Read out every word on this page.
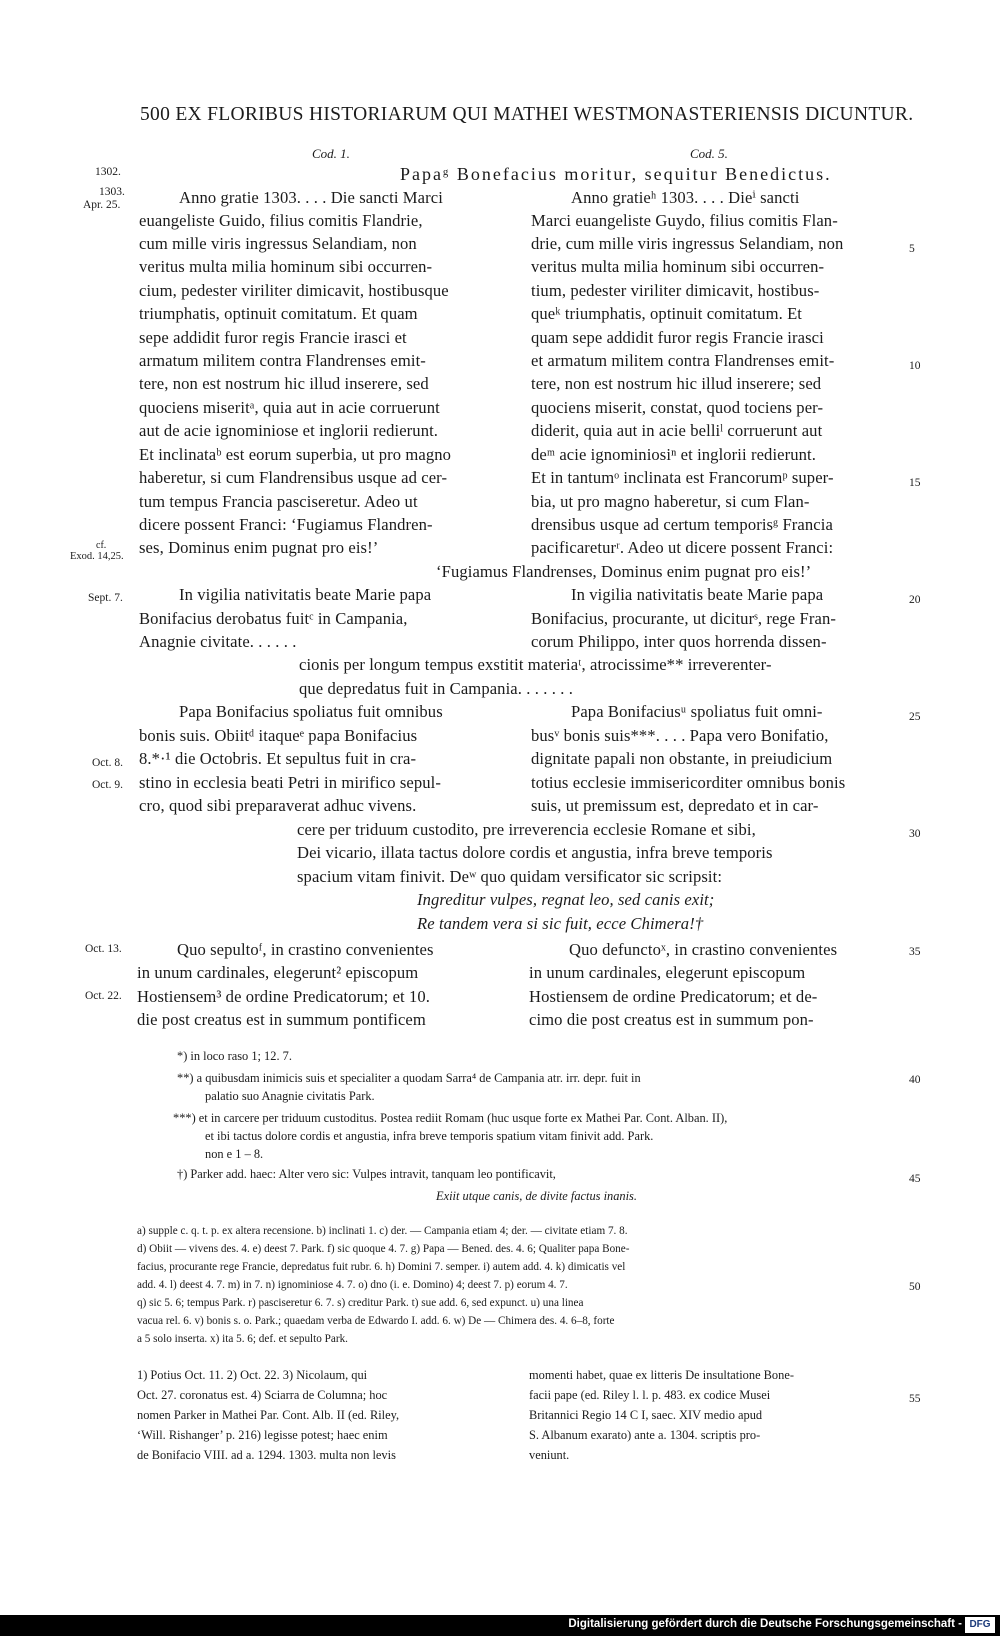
500 EX FLORIBUS HISTORIARUM QUI MATHEI WESTMONASTERIENSIS DICUNTUR.
Cod. 1.	Cod. 5.
Papaᵍ Bonefacius moritur, sequitur Benedictus.
1302.
1303.
Apr. 25.
cf.
Exod. 14,25.
Sept. 7.
Oct. 8.
Oct. 9.
Oct. 13.
Oct. 22.
5
10
15
20
25
30
35
40
45
50
55
Anno gratie 1303. . . . Die sancti Marci
euangeliste Guido, filius comitis Flandrie,
cum mille viris ingressus Selandiam, non
veritus multa milia hominum sibi occurren-
cium, pedester viriliter dimicavit, hostibusque
triumphatis, optinuit comitatum. Et quam
sepe addidit furor regis Francie irasci et
armatum militem contra Flandrenses emit-
tere, non est nostrum hic illud inserere, sed
quociens miseritᵃ, quia aut in acie corruerunt
aut de acie ignominiose et inglorii redierunt.
Et inclinataᵇ est eorum superbia, ut pro magno
haberetur, si cum Flandrensibus usque ad cer-
tum tempus Francia pasciseretur. Adeo ut
dicere possent Franci: ‘Fugiamus Flandren-
ses, Dominus enim pugnat pro eis!’
Anno gratieʰ 1303. . . . Dieⁱ sancti
Marci euangeliste Guydo, filius comitis Flan-
drie, cum mille viris ingressus Selandiam, non
veritus multa milia hominum sibi occurren-
tium, pedester viriliter dimicavit, hostibus-
queᵏ triumphatis, optinuit comitatum. Et
quam sepe addidit furor regis Francie irasci
et armatum militem contra Flandrenses emit-
tere, non est nostrum hic illud inserere; sed
quociens miserit, constat, quod tociens per-
diderit, quia aut in acie belliˡ corruerunt aut
deᵐ acie ignominiosiⁿ et inglorii redierunt.
Et in tantumᵒ inclinata est Francorumᵖ super-
bia, ut pro magno haberetur, si cum Flan-
drensibus usque ad certum temporisᵍ Francia
pacificareturʳ. Adeo ut dicere possent Franci:
‘Fugiamus Flandrenses, Dominus enim pugnat pro eis!’
In vigilia nativitatis beate Marie papa
Bonifacius derobatus fuitᶜ in Campania,
Anagnie civitate. . . . . .
In vigilia nativitatis beate Marie papa
Bonifacius, procurante, ut diciturˢ, rege Fran-
corum Philippo, inter quos horrenda dissen-
cionis per longum tempus exstitit materiaᵗ, atrocissime** irreverenter-
que depredatus fuit in Campania. . . . . . .
Papa Bonifacius spoliatus fuit omnibus
bonis suis. Obiitᵈ itaqueᵉ papa Bonifacius
8.*·¹ die Octobris. Et sepultus fuit in cra-
stino in ecclesia beati Petri in mirifico sepul-
cro, quod sibi preparaverat adhuc vivens.
Papa Bonifaciusᵘ spoliatus fuit omni-
busᵛ bonis suis***. . . . Papa vero Bonifatio,
dignitate papali non obstante, in preiudicium
totius ecclesie immisericorditer omnibus bonis
suis, ut premissum est, depredato et in car-
cere per triduum custodito, pre irreverencia ecclesie Romane et sibi,
Dei vicario, illata tactus dolore cordis et angustia, infra breve temporis
spacium vitam finivit. Deʷ quo quidam versificator sic scripsit:
Ingreditur vulpes, regnat leo, sed canis exit;
Re tandem vera si sic fuit, ecce Chimera!†
Quo sepultoᶠ, in crastino convenientes
in unum cardinales, elegerunt² episcopum
Hostiensem³ de ordine Predicatorum; et 10.
die post creatus est in summum pontificem
Quo defunctoˣ, in crastino convenientes
in unum cardinales, elegerunt episcopum
Hostiensem de ordine Predicatorum; et de-
cimo die post creatus est in summum pon-
*) in loco raso 1; 12. 7.
**) a quibusdam inimicis suis et specialiter a quodam Sarra⁴ de Campania atr. irr. depr. fuit in
palatio suo Anagnie civitatis Park.
***) et in carcere per triduum custoditus. Postea rediit Romam (huc usque forte ex Mathei Par. Cont. Alban. II),
et ibi tactus dolore cordis et angustia, infra breve temporis spatium vitam finivit add. Park.
non e 1 – 8.
†) Parker add. haec: Alter vero sic: Vulpes intravit, tanquam leo pontificavit,
Exiit utque canis, de divite factus inanis.
a) supple c. q. t. p. ex altera recensione. b) inclinati 1. c) der. — Campania etiam 4; der. — civitate etiam 7. 8.
d) Obiit — vivens des. 4. e) deest 7. Park. f) sic quoque 4. 7. g) Papa — Bened. des. 4. 6; Qualiter papa Bone-
facius, procurante rege Francie, depredatus fuit rubr. 6. h) Domini 7. semper. i) autem add. 4. k) dimicatis vel
add. 4. l) deest 4. 7. m) in 7. n) ignominiose 4. 7. o) dno (i. e. Domino) 4; deest 7. p) eorum 4. 7.
q) sic 5. 6; tempus Park. r) pasciseretur 6. 7. s) creditur Park. t) sue add. 6, sed expunct. u) una linea
vacua rel. 6. v) bonis s. o. Park.; quaedam verba de Edwardo I. add. 6. w) De — Chimera des. 4. 6–8, forte
a 5 solo inserta. x) ita 5. 6; def. et sepulto Park.
1) Potius Oct. 11. 2) Oct. 22. 3) Nicolaum, qui
Oct. 27. coronatus est. 4) Sciarra de Columna; hoc
nomen Parker in Mathei Par. Cont. Alb. II (ed. Riley,
‘Will. Rishanger’ p. 216) legisse potest; haec enim
de Bonifacio VIII. ad a. 1294. 1303. multa non levis
momenti habet, quae ex litteris De insultatione Bone-
facii pape (ed. Riley l. l. p. 483. ex codice Musei
Britannici Regio 14 C I, saec. XIV medio apud
S. Albanum exarato) ante a. 1304. scriptis pro-
veniunt.
Digitalisierung gefördert durch die Deutsche Forschungsgemeinschaft - DFG
